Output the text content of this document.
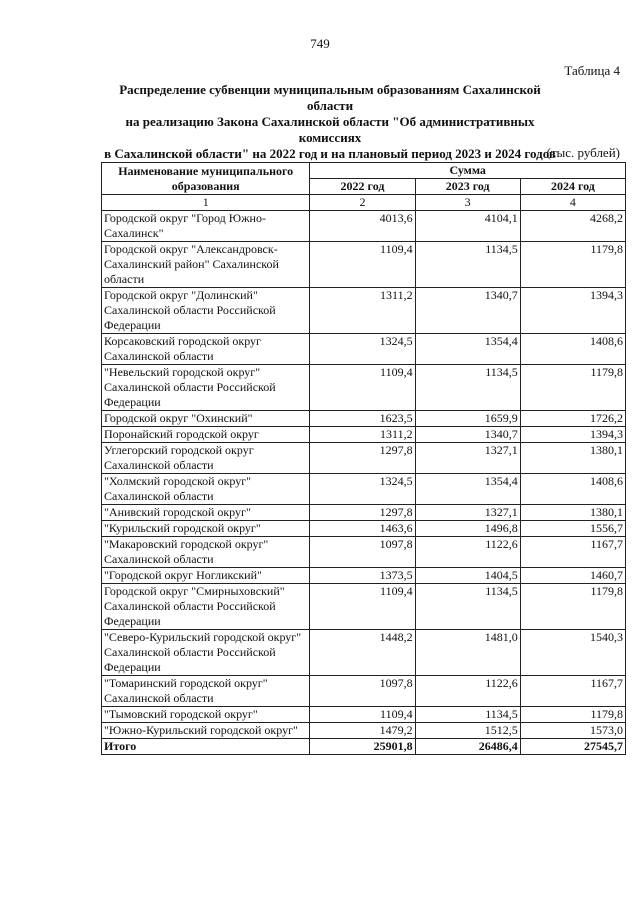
749
Таблица 4
Распределение субвенции муниципальным образованиям Сахалинской области
на реализацию Закона Сахалинской области "Об административных комиссиях
в Сахалинской области" на 2022 год и на плановый период 2023 и 2024 годов
(тыс. рублей)
Наименование муниципального образования	Сумма		
	2022 год	2023 год	2024 год
1	2	3	4
Городской округ "Город Южно-Сахалинск"	4013,6	4104,1	4268,2
Городской округ "Александровск-Сахалинский район" Сахалинской области	1109,4	1134,5	1179,8
Городской округ "Долинский" Сахалинской области Российской Федерации	1311,2	1340,7	1394,3
Корсаковский городской округ Сахалинской области	1324,5	1354,4	1408,6
"Невельский городской округ" Сахалинской области Российской Федерации	1109,4	1134,5	1179,8
Городской округ "Охинский"	1623,5	1659,9	1726,2
Поронайский городской округ	1311,2	1340,7	1394,3
Углегорский городской округ Сахалинской области	1297,8	1327,1	1380,1
"Холмский городской округ" Сахалинской области	1324,5	1354,4	1408,6
"Анивский городской округ"	1297,8	1327,1	1380,1
"Курильский городской округ"	1463,6	1496,8	1556,7
"Макаровский городской округ" Сахалинской области	1097,8	1122,6	1167,7
"Городской округ Ногликский"	1373,5	1404,5	1460,7
Городской округ "Смирныховский" Сахалинской области Российской Федерации	1109,4	1134,5	1179,8
"Северо-Курильский городской округ" Сахалинской области Российской Федерации	1448,2	1481,0	1540,3
"Томаринский городской округ" Сахалинской области	1097,8	1122,6	1167,7
"Тымовский городской округ"	1109,4	1134,5	1179,8
"Южно-Курильский городской округ"	1479,2	1512,5	1573,0
Итого	25901,8	26486,4	27545,7
